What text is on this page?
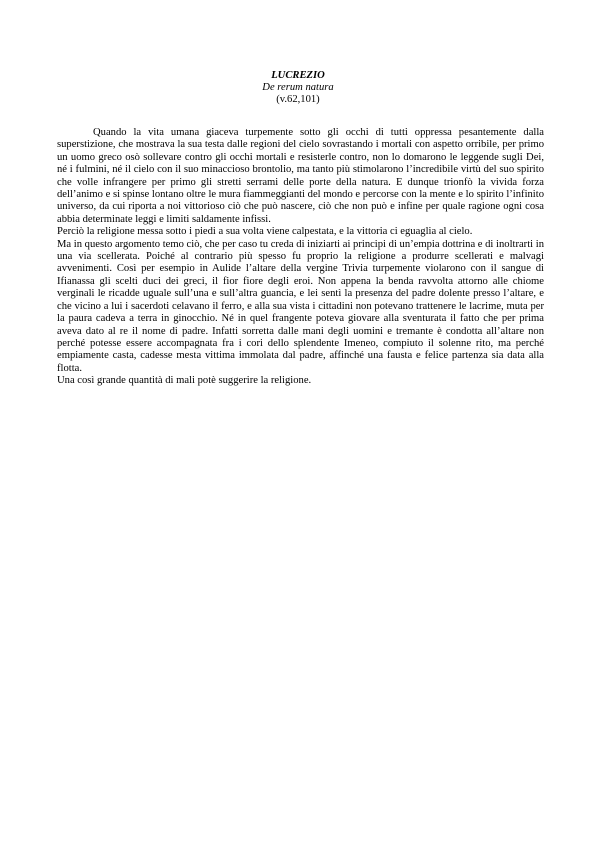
LUCREZIO
De rerum natura
(v.62,101)

Quando la vita umana giaceva turpemente sotto gli occhi di tutti oppressa pesantemente dalla superstizione, che mostrava la sua testa dalle regioni del cielo sovrastando i mortali con aspetto orribile, per primo un uomo greco osò sollevare contro gli occhi mortali e resisterle contro, non lo domarono le leggende sugli Dei, né i fulmini, né il cielo con il suo minaccioso brontolio, ma tanto più stimolarono l’incredibile virtù del suo spirito che volle infrangere per primo gli stretti serrami delle porte della natura. E dunque trionfò la vivida forza dell’animo e si spinse lontano oltre le mura fiammeggianti del mondo e percorse con la mente e lo spirito l’infinito universo, da cui riporta a noi vittorioso ciò che può nascere, ciò che non può e infine per quale ragione ogni cosa abbia determinate leggi e limiti saldamente infissi.

Perciò la religione messa sotto i piedi a sua volta viene calpestata, e la vittoria ci eguaglia al cielo.

Ma in questo argomento temo ciò, che per caso tu creda di iniziarti ai principi di un’empia dottrina e di inoltrarti in una via scellerata. Poiché al contrario più spesso fu proprio la religione a produrre scellerati e malvagi avvenimenti. Così per esempio in Aulide l’altare della vergine Trivia turpemente violarono con il sangue di Ifianassa gli scelti duci dei greci, il fior fiore degli eroi. Non appena la benda ravvolta attorno alle chiome verginali le ricadde uguale sull’una e sull’altra guancia, e lei sentì la presenza del padre dolente presso l’altare, e che vicino a lui i sacerdoti celavano il ferro, e alla sua vista i cittadini non potevano trattenere le lacrime, muta per la paura cadeva a terra in ginocchio. Né in quel frangente poteva giovare alla sventurata il fatto che per prima aveva dato al re il nome di padre. Infatti sorretta dalle mani degli uomini e tremante è condotta all’altare non perché potesse essere accompagnata fra i cori dello splendente Imeneo, compiuto il solenne rito, ma perché empiamente casta, cadesse mesta vittima immolata dal padre, affinché una fausta e felice partenza sia data alla flotta.

Una così grande quantità di mali potè suggerire la religione.
